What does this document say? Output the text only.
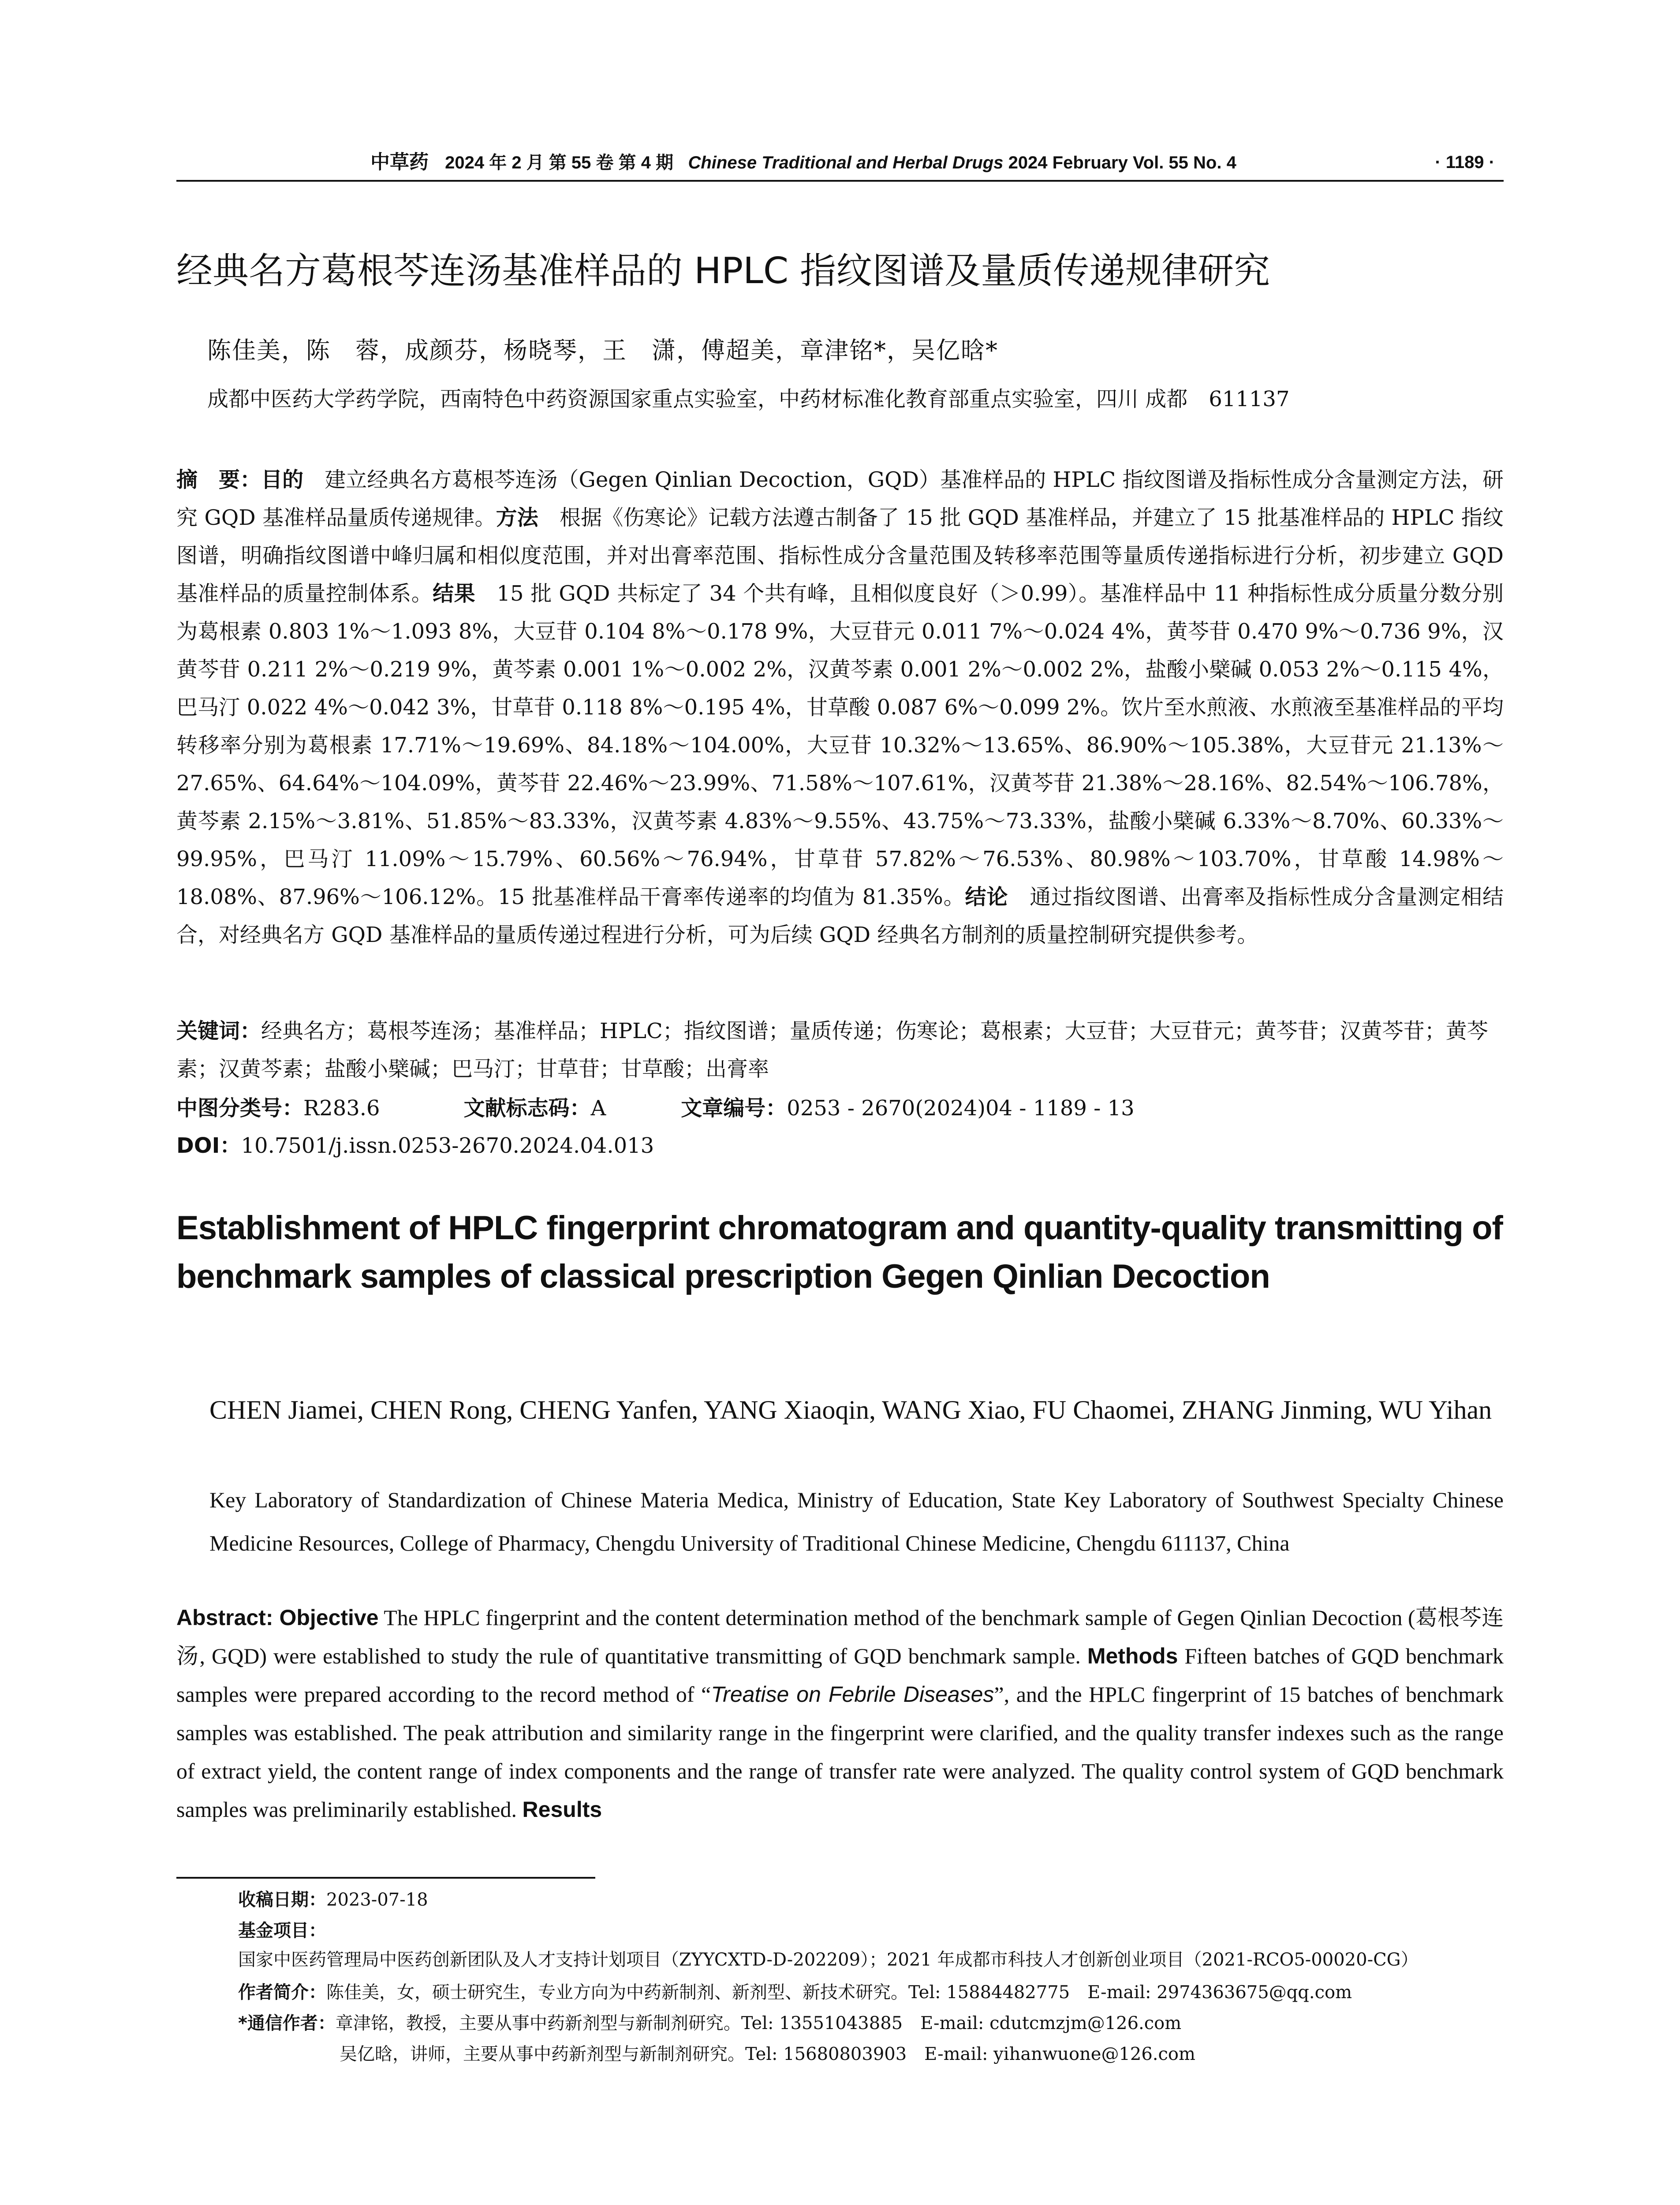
中草药 2024 年 2 月 第 55 卷 第 4 期 Chinese Traditional and Herbal Drugs 2024 February Vol. 55 No. 4	· 1189 ·
经典名方葛根芩连汤基准样品的 HPLC 指纹图谱及量质传递规律研究
陈佳美，陈　蓉，成颜芬，杨晓琴，王　潇，傅超美，章津铭*，吴亿晗*
成都中医药大学药学院，西南特色中药资源国家重点实验室，中药材标准化教育部重点实验室，四川 成都　611137
摘　要：目的　建立经典名方葛根芩连汤（Gegen Qinlian Decoction，GQD）基准样品的 HPLC 指纹图谱及指标性成分含量测定方法，研究 GQD 基准样品量质传递规律。方法　根据《伤寒论》记载方法遵古制备了 15 批 GQD 基准样品，并建立了 15 批基准样品的 HPLC 指纹图谱，明确指纹图谱中峰归属和相似度范围，并对出膏率范围、指标性成分含量范围及转移率范围等量质传递指标进行分析，初步建立 GQD 基准样品的质量控制体系。结果　15 批 GQD 共标定了 34 个共有峰，且相似度良好（＞0.99）。基准样品中 11 种指标性成分质量分数分别为葛根素 0.803 1%～1.093 8%，大豆苷 0.104 8%～0.178 9%，大豆苷元 0.011 7%～0.024 4%，黄芩苷 0.470 9%～0.736 9%，汉黄芩苷 0.211 2%～0.219 9%，黄芩素 0.001 1%～0.002 2%，汉黄芩素 0.001 2%～0.002 2%，盐酸小檗碱 0.053 2%～0.115 4%，巴马汀 0.022 4%～0.042 3%，甘草苷 0.118 8%～0.195 4%，甘草酸 0.087 6%～0.099 2%。饮片至水煎液、水煎液至基准样品的平均转移率分别为葛根素 17.71%～19.69%、84.18%～104.00%，大豆苷 10.32%～13.65%、86.90%～105.38%，大豆苷元 21.13%～27.65%、64.64%～104.09%，黄芩苷 22.46%～23.99%、71.58%～107.61%，汉黄芩苷 21.38%～28.16%、82.54%～106.78%，黄芩素 2.15%～3.81%、51.85%～83.33%，汉黄芩素 4.83%～9.55%、43.75%～73.33%，盐酸小檗碱 6.33%～8.70%、60.33%～99.95%，巴马汀 11.09%～15.79%、60.56%～76.94%，甘草苷 57.82%～76.53%、80.98%～103.70%，甘草酸 14.98%～18.08%、87.96%～106.12%。15 批基准样品干膏率传递率的均值为 81.35%。结论　通过指纹图谱、出膏率及指标性成分含量测定相结合，对经典名方 GQD 基准样品的量质传递过程进行分析，可为后续 GQD 经典名方制剂的质量控制研究提供参考。
关键词：经典名方；葛根芩连汤；基准样品；HPLC；指纹图谱；量质传递；伤寒论；葛根素；大豆苷；大豆苷元；黄芩苷；汉黄芩苷；黄芩素；汉黄芩素；盐酸小檗碱；巴马汀；甘草苷；甘草酸；出膏率
中图分类号：R283.6	文献标志码：A	文章编号：0253 - 2670(2024)04 - 1189 - 13
DOI：10.7501/j.issn.0253-2670.2024.04.013
Establishment of HPLC fingerprint chromatogram and quantity-quality transmitting of benchmark samples of classical prescription Gegen Qinlian Decoction
CHEN Jiamei, CHEN Rong, CHENG Yanfen, YANG Xiaoqin, WANG Xiao, FU Chaomei, ZHANG Jinming, WU Yihan
Key Laboratory of Standardization of Chinese Materia Medica, Ministry of Education, State Key Laboratory of Southwest Specialty Chinese Medicine Resources, College of Pharmacy, Chengdu University of Traditional Chinese Medicine, Chengdu 611137, China
Abstract: Objective The HPLC fingerprint and the content determination method of the benchmark sample of Gegen Qinlian Decoction (葛根芩连汤, GQD) were established to study the rule of quantitative transmitting of GQD benchmark sample. Methods Fifteen batches of GQD benchmark samples were prepared according to the record method of “Treatise on Febrile Diseases”, and the HPLC fingerprint of 15 batches of benchmark samples was established. The peak attribution and similarity range in the fingerprint were clarified, and the quality transfer indexes such as the range of extract yield, the content range of index components and the range of transfer rate were analyzed. The quality control system of GQD benchmark samples was preliminarily established. Results
收稿日期：2023-07-18
基金项目：国家中医药管理局中医药创新团队及人才支持计划项目（ZYYCXTD-D-202209）；2021 年成都市科技人才创新创业项目（2021-RCO5-00020-CG）
作者简介：陈佳美，女，硕士研究生，专业方向为中药新制剂、新剂型、新技术研究。Tel: 15884482775　E-mail: 2974363675@qq.com
*通信作者：章津铭，教授，主要从事中药新剂型与新制剂研究。Tel: 13551043885　E-mail: cdutcmzjm@126.com
吴亿晗，讲师，主要从事中药新剂型与新制剂研究。Tel: 15680803903　E-mail: yihanwuone@126.com
